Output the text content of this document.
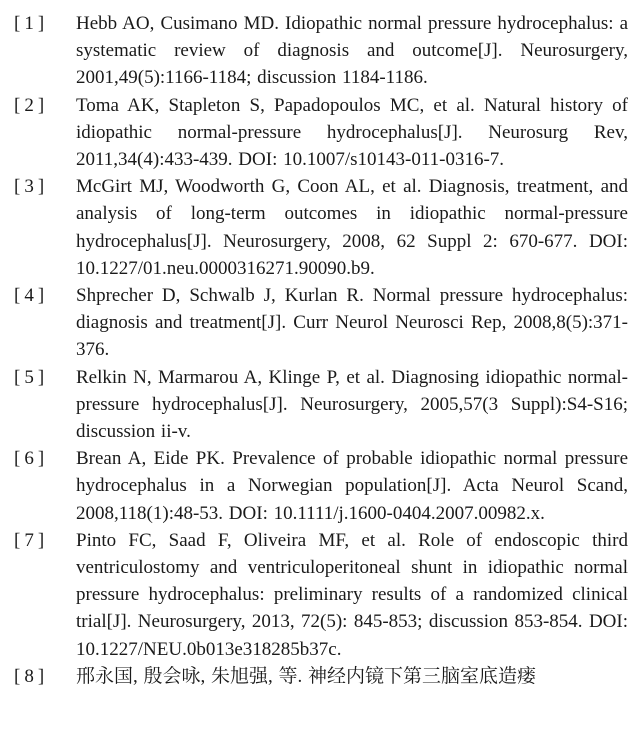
[1]	Hebb AO, Cusimano MD. Idiopathic normal pressure hydrocephalus: a systematic review of diagnosis and outcome[J]. Neurosurgery, 2001,49(5):1166-1184; discussion 1184-1186.
[2]	Toma AK, Stapleton S, Papadopoulos MC, et al. Natural history of idiopathic normal-pressure hydrocephalus[J]. Neurosurg Rev, 2011,34(4):433-439. DOI: 10.1007/s10143-011-0316-7.
[3]	McGirt MJ, Woodworth G, Coon AL, et al. Diagnosis, treatment, and analysis of long-term outcomes in idiopathic normal-pressure hydrocephalus[J]. Neurosurgery, 2008, 62 Suppl 2: 670-677. DOI: 10.1227/01.neu.0000316271.90090.b9.
[4]	Shprecher D, Schwalb J, Kurlan R. Normal pressure hydrocephalus: diagnosis and treatment[J]. Curr Neurol Neurosci Rep, 2008,8(5):371-376.
[5]	Relkin N, Marmarou A, Klinge P, et al. Diagnosing idiopathic normal-pressure hydrocephalus[J]. Neurosurgery, 2005,57(3 Suppl):S4-S16; discussion ii-v.
[6]	Brean A, Eide PK. Prevalence of probable idiopathic normal pressure hydrocephalus in a Norwegian population[J]. Acta Neurol Scand, 2008,118(1):48-53. DOI: 10.1111/j.1600-0404.2007.00982.x.
[7]	Pinto FC, Saad F, Oliveira MF, et al. Role of endoscopic third ventriculostomy and ventriculoperitoneal shunt in idiopathic normal pressure hydrocephalus: preliminary results of a randomized clinical trial[J]. Neurosurgery, 2013, 72(5): 845-853; discussion 853-854. DOI: 10.1227/NEU.0b013e318285b37c.
[8]	邢永国, 殷会咏, 朱旭强, 等. 神经内镜下第三脑室底造瘘
